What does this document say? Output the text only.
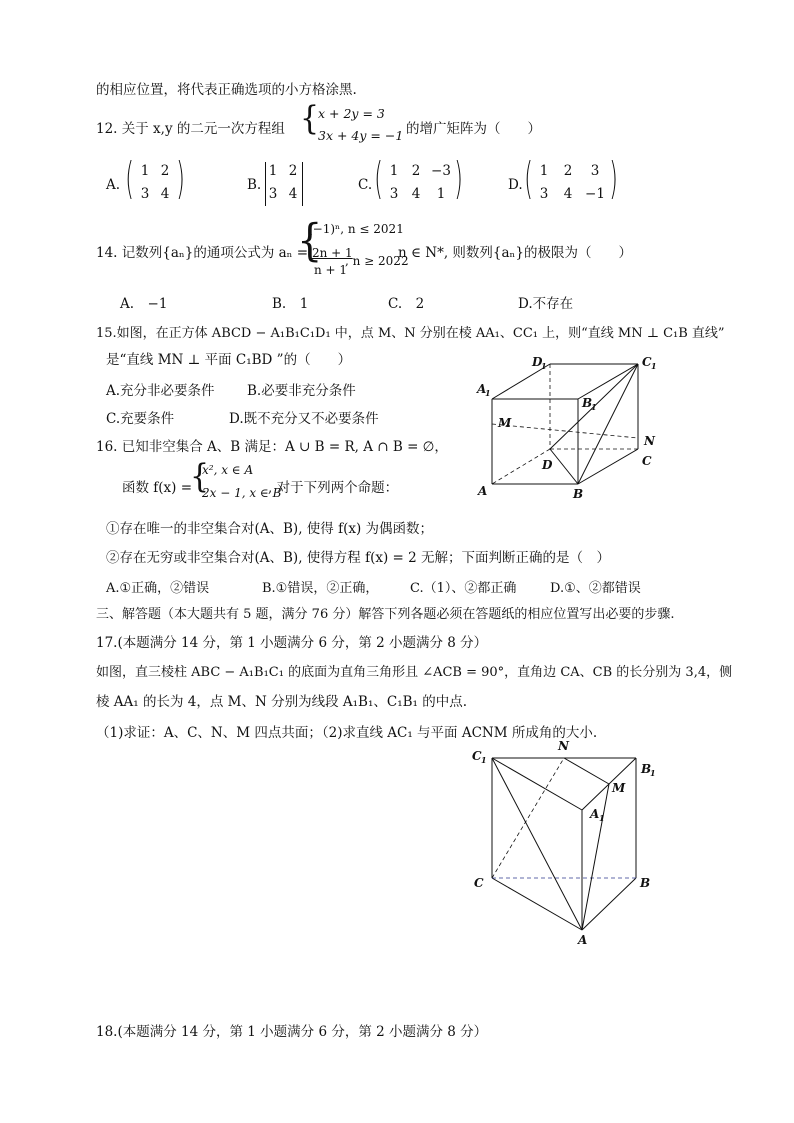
的相应位置，将代表正确选项的小方格涂黑.
12. 关于 x,y 的二元一次方程组 {
x + 2y = 3
3x + 4y = −1 的增广矩阵为（　　）
A. ( 1 2
3 4 )	B.
1 2
3 4
C. ( 1 2 −3
3 4	1 )	D. ( 1	2	3
3	4 −1 )
14. 记数列{aₙ}的通项公式为 aₙ =
{
(−1)ⁿ, n ≤ 2021
2n + 1
n + 1
, n ≥ 2022
n ∈ N*, 则数列{aₙ}的极限为（　　）
A.　−1	B.　1	C.　2	D.不存在
15.如图，在正方体 ABCD − A₁B₁C₁D₁ 中，点 M、N 分别在棱 AA₁、CC₁ 上，则“直线 MN ⊥ C₁B 直线”
是“直线 MN ⊥ 平面 C₁BD ”的（　　）
A.充分非必要条件 B.必要非充分条件
C.充要条件	D.既不充分又不必要条件
D
1	C 1
A
1
B
1
M
N
D	C
A	B
16. 已知非空集合 A、B 满足：A ∪ B = R, A ∩ B = ∅，
函数 f(x) =
{
x², x ∈ A
2x − 1, x ∈ B
, 对于下列两个命题：
①存在唯一的非空集合对(A、B), 使得 f(x) 为偶函数；
②存在无穷或非空集合对(A、B), 使得方程 f(x) = 2 无解；下面判断正确的是（　）
A.①正确，②错误	B.①错误，②正确， C.（1）、②都正确	D.①、②都错误
三、解答题（本大题共有 5 题，满分 76 分）解答下列各题必须在答题纸的相应位置写出必要的步骤.
17.(本题满分 14 分，第 1 小题满分 6 分，第 2 小题满分 8 分）
如图，直三棱柱 ABC − A₁B₁C₁ 的底面为直角三角形且 ∠ACB = 90°，直角边 CA、CB 的长分别为 3,4，侧
棱 AA₁ 的长为 4，点 M、N 分别为线段 A₁B₁、C₁B₁ 的中点.
（1)求证：A、C、N、M 四点共面；（2)求直线 AC₁ 与平面 ACNM 所成角的大小.
C 1
N
B
1
M
A 1
C	B
A
18.(本题满分 14 分，第 1 小题满分 6 分，第 2 小题满分 8 分）
